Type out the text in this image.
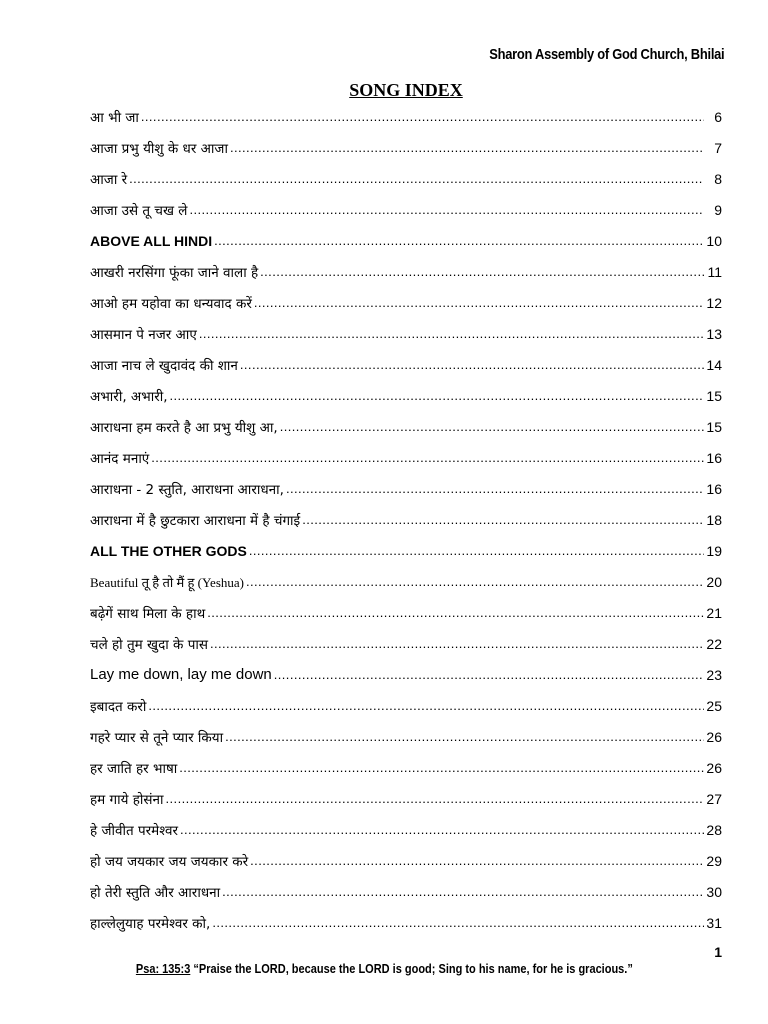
Sharon Assembly of God Church, Bhilai
SONG INDEX
आ भी जा .....	6
आजा प्रभु यीशु के धर आजा .....	7
आजा रे .....	8
आजा उसे तू चख ले .....	9
ABOVE ALL HINDI .....	10
आखरी नरसिंगा फूंका जाने वाला है .....	11
आओ हम यहोवा का धन्यवाद करें .....	12
आसमान पे नजर आए .....	13
आजा नाच ले खुदावंद की शान .....	14
अभारी, अभारी, .....	15
आराधना हम करते है आ प्रभु यीशु आ, .....	15
आनंद मनाएं .....	16
आराधना - 2 स्तुति, आराधना आराधना, .....	16
आराधना में है छुटकारा आराधना में है चंगाई .....	18
ALL THE OTHER GODS .....	19
Beautiful तू है तो मैं हू (Yeshua) .....	20
बढ़ेगें साथ मिला के हाथ .....	21
चले हो तुम खुदा के पास .....	22
Lay me down, lay me down .....	23
इबादत करो .....	25
गहरे प्यार से तूने प्यार किया .....	26
हर जाति हर भाषा .....	26
हम गाये होसंना .....	27
हे जीवीत परमेश्वर .....	28
हो जय जयकार जय जयकार करे .....	29
हो तेरी स्तुति और आराधना .....	30
हाल्लेलुयाह परमेश्वर को, .....	31
1
Psa: 135:3 “Praise the LORD, because the LORD is good; Sing to his name, for he is gracious.”
